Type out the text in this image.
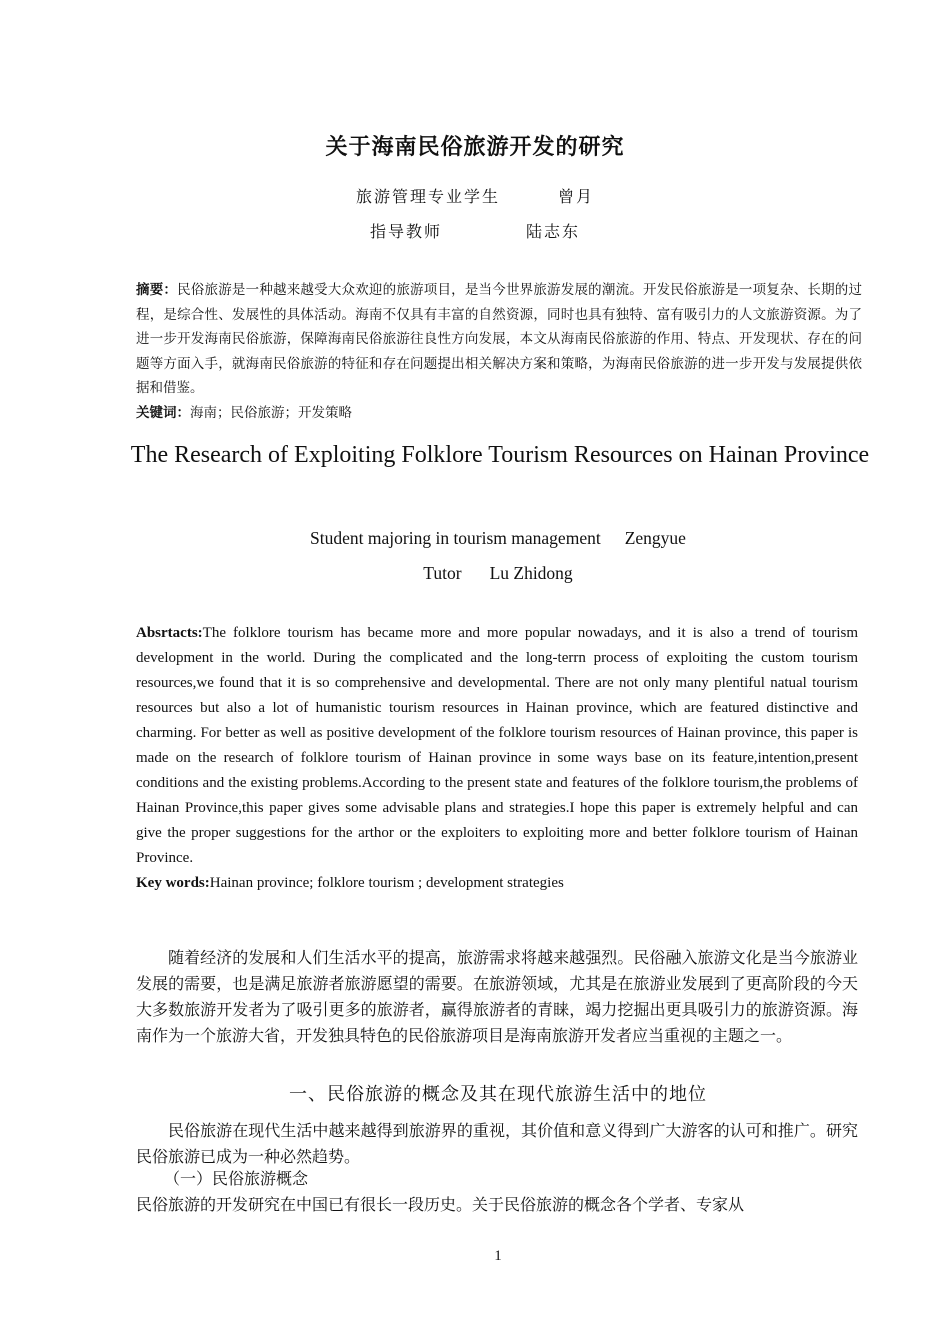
关于海南民俗旅游开发的研究
旅游管理专业学生	曾月
指导教师	陆志东
摘要：民俗旅游是一种越来越受大众欢迎的旅游项目，是当今世界旅游发展的潮流。开发民俗旅游是一项复杂、长期的过程，是综合性、发展性的具体活动。海南不仅具有丰富的自然资源，同时也具有独特、富有吸引力的人文旅游资源。为了进一步开发海南民俗旅游，保障海南民俗旅游往良性方向发展，本文从海南民俗旅游的作用、特点、开发现状、存在的问题等方面入手，就海南民俗旅游的特征和存在问题提出相关解决方案和策略，为海南民俗旅游的进一步开发与发展提供依据和借鉴。
关键词：海南；民俗旅游；开发策略
The Research of Exploiting Folklore Tourism Resources on Hainan Province
Student majoring in tourism management Zengyue
Tutor Lu Zhidong
Absrtacts:The folklore tourism has became more and more popular nowadays, and it is also a trend of tourism development in the world. During the complicated and the long-terrn process of exploiting the custom tourism resources,we found that it is so comprehensive and developmental. There are not only many plentiful natual tourism resources but also a lot of humanistic tourism resources in Hainan province, which are featured distinctive and charming. For better as well as positive development of the folklore tourism resources of Hainan province, this paper is made on the research of folklore tourism of Hainan province in some ways base on its feature,intention,present conditions and the existing problems.According to the present state and features of the folklore tourism,the problems of Hainan Province,this paper gives some advisable plans and strategies.I hope this paper is extremely helpful and can give the proper suggestions for the arthor or the exploiters to exploiting more and better folklore tourism of Hainan Province.
Key words:Hainan province; folklore tourism ; development strategies
随着经济的发展和人们生活水平的提高，旅游需求将越来越强烈。民俗融入旅游文化是当今旅游业发展的需要，也是满足旅游者旅游愿望的需要。在旅游领域，尤其是在旅游业发展到了更高阶段的今天大多数旅游开发者为了吸引更多的旅游者，赢得旅游者的青睐，竭力挖掘出更具吸引力的旅游资源。海南作为一个旅游大省，开发独具特色的民俗旅游项目是海南旅游开发者应当重视的主题之一。
一、民俗旅游的概念及其在现代旅游生活中的地位
民俗旅游在现代生活中越来越得到旅游界的重视，其价值和意义得到广大游客的认可和推广。研究民俗旅游已成为一种必然趋势。
（一）民俗旅游概念
民俗旅游的开发研究在中国已有很长一段历史。关于民俗旅游的概念各个学者、专家从
1
